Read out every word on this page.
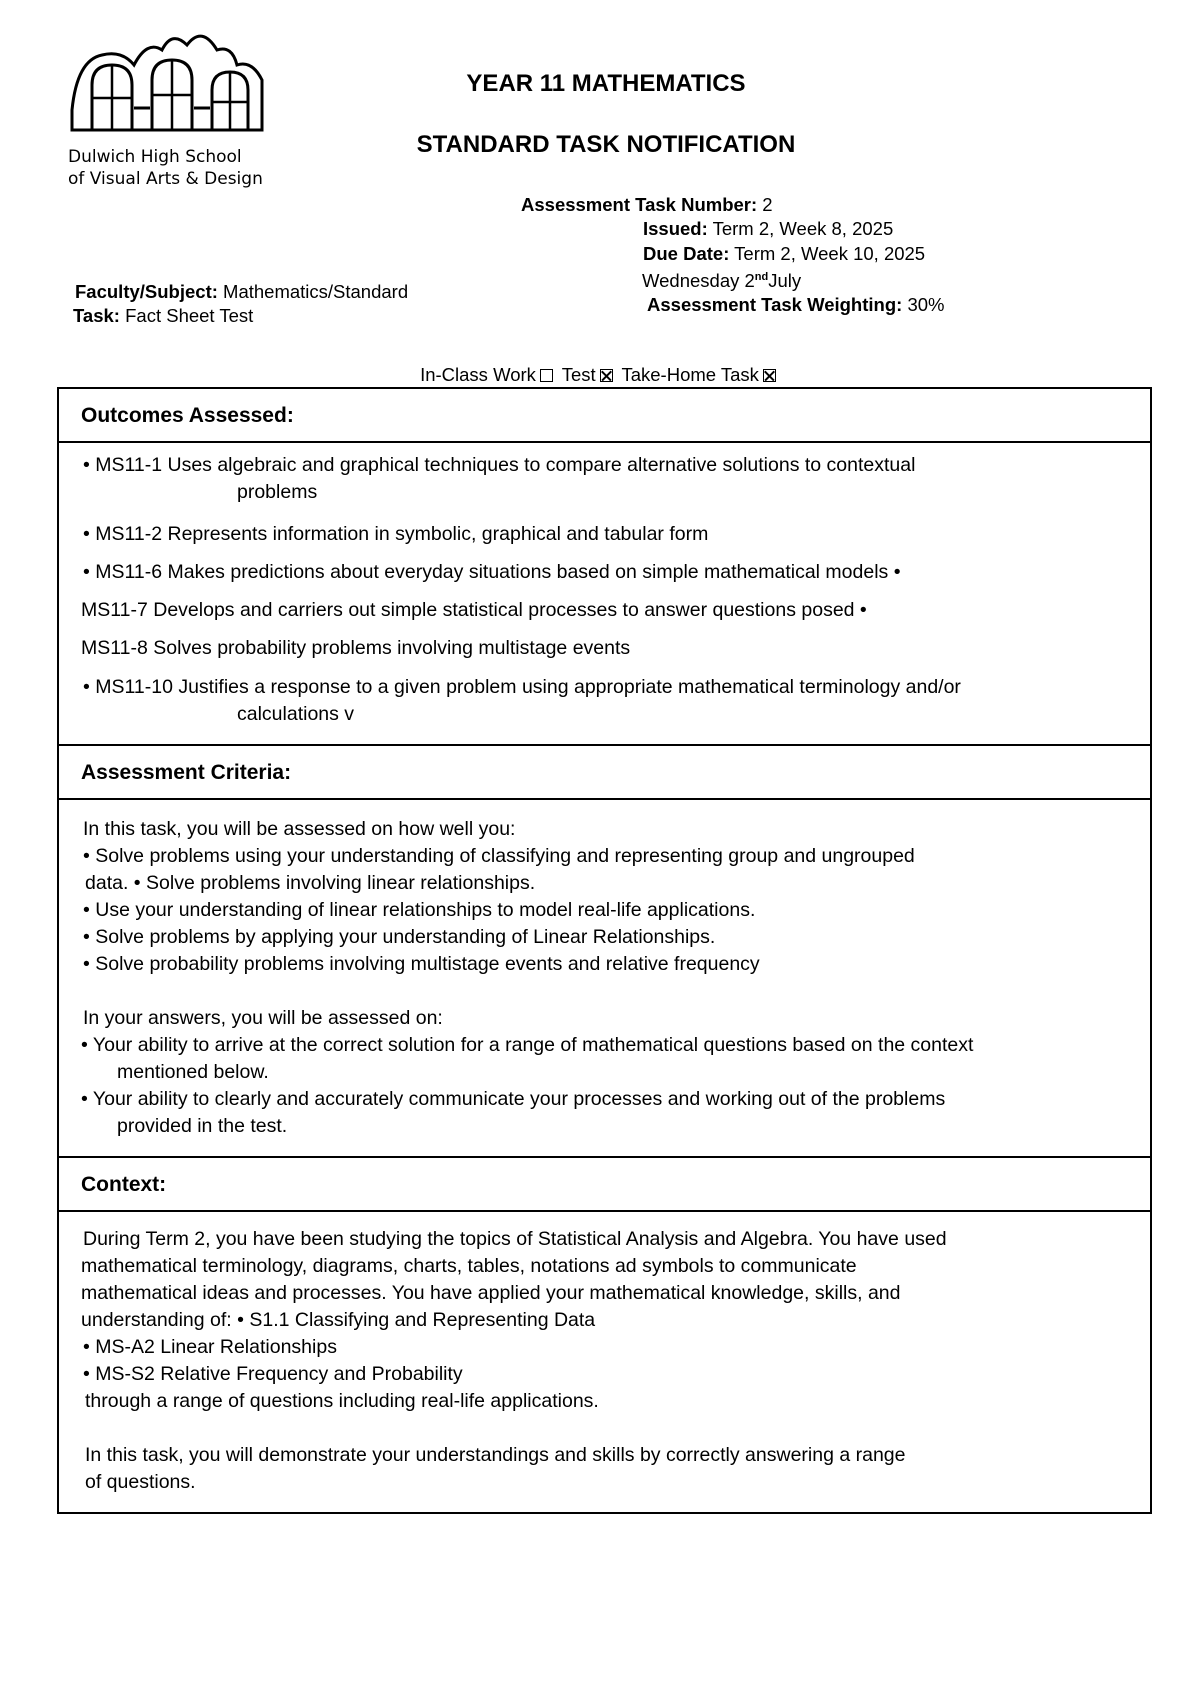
Dulwich High School
of Visual Arts & Design
YEAR 11 MATHEMATICS
STANDARD TASK NOTIFICATION
Assessment Task Number: 2
Issued: Term 2, Week 8, 2025
Due Date: Term 2, Week 10, 2025
Wednesday 2ndJuly
Assessment Task Weighting: 30%
Faculty/Subject: Mathematics/Standard
Task: Fact Sheet Test
In-Class Work Test Take-Home Task
Outcomes Assessed:
• MS11-1 Uses algebraic and graphical techniques to compare alternative solutions to contextual
problems
• MS11-2 Represents information in symbolic, graphical and tabular form
• MS11-6 Makes predictions about everyday situations based on simple mathematical models •
MS11-7 Develops and carriers out simple statistical processes to answer questions posed •
MS11-8 Solves probability problems involving multistage events
• MS11-10 Justifies a response to a given problem using appropriate mathematical terminology and/or
calculations v
Assessment Criteria:
In this task, you will be assessed on how well you:
• Solve problems using your understanding of classifying and representing group and ungrouped
data. • Solve problems involving linear relationships.
• Use your understanding of linear relationships to model real-life applications.
• Solve problems by applying your understanding of Linear Relationships.
• Solve probability problems involving multistage events and relative frequency
In your answers, you will be assessed on:
• Your ability to arrive at the correct solution for a range of mathematical questions based on the context
mentioned below.
• Your ability to clearly and accurately communicate your processes and working out of the problems
provided in the test.
Context:
During Term 2, you have been studying the topics of Statistical Analysis and Algebra. You have used
mathematical terminology, diagrams, charts, tables, notations ad symbols to communicate
mathematical ideas and processes. You have applied your mathematical knowledge, skills, and
understanding of: • S1.1 Classifying and Representing Data
• MS-A2 Linear Relationships
• MS-S2 Relative Frequency and Probability
through a range of questions including real-life applications.
In this task, you will demonstrate your understandings and skills by correctly answering a range
of questions.
